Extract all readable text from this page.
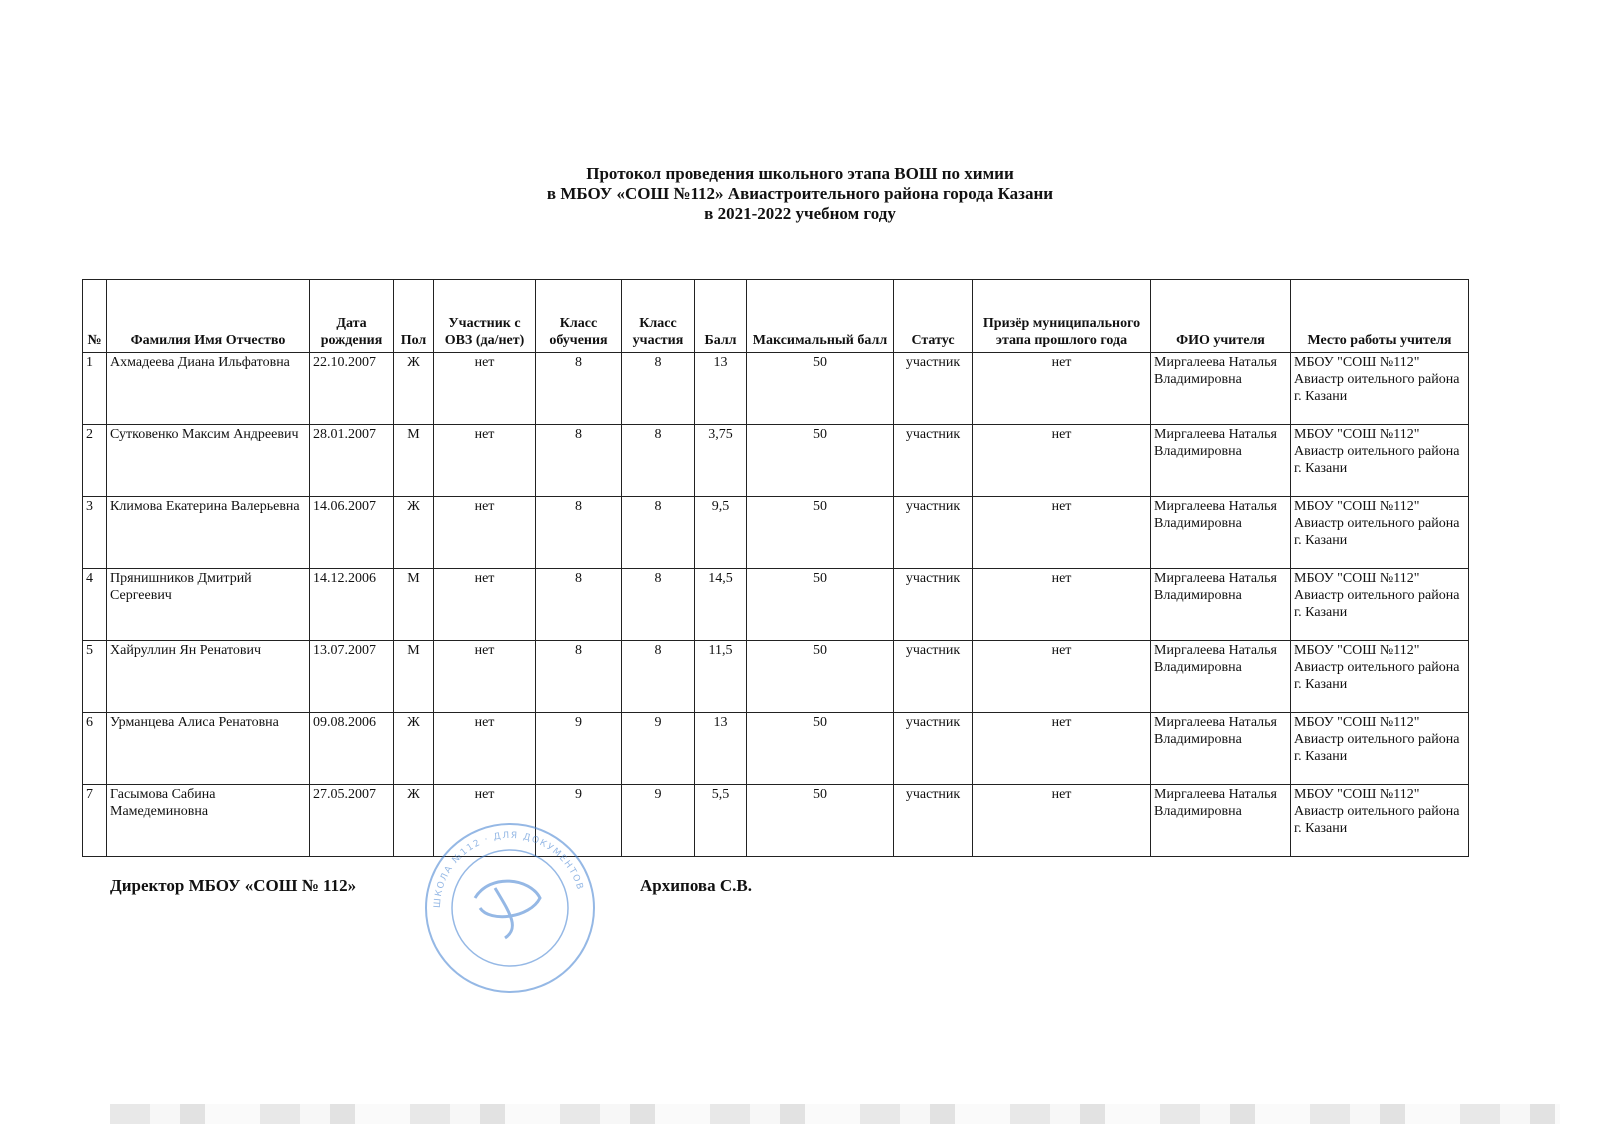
Протокол проведения школьного этапа ВОШ по химии
в МБОУ «СОШ №112» Авиастроительного района города Казани
в 2021-2022 учебном году
№	Фамилия Имя Отчество	Дата рождения	Пол	Участник с ОВЗ (да/нет)	Класс обучения	Класс участия	Балл	Максимальный балл	Статус	Призёр муниципального этапа прошлого года	ФИО учителя	Место работы учителя
1	Ахмадеева Диана Ильфатовна	22.10.2007	Ж	нет	8	8	13	50	участник	нет	Миргалеева Наталья Владимировна	МБОУ "СОШ №112" Авиастр оительного района г. Казани
2	Сутковенко Максим Андреевич	28.01.2007	М	нет	8	8	3,75	50	участник	нет	Миргалеева Наталья Владимировна	МБОУ "СОШ №112" Авиастр оительного района г. Казани
3	Климова Екатерина Валерьевна	14.06.2007	Ж	нет	8	8	9,5	50	участник	нет	Миргалеева Наталья Владимировна	МБОУ "СОШ №112" Авиастр оительного района г. Казани
4	Прянишников Дмитрий Сергеевич	14.12.2006	М	нет	8	8	14,5	50	участник	нет	Миргалеева Наталья Владимировна	МБОУ "СОШ №112" Авиастр оительного района г. Казани
5	Хайруллин Ян Ренатович	13.07.2007	М	нет	8	8	11,5	50	участник	нет	Миргалеева Наталья Владимировна	МБОУ "СОШ №112" Авиастр оительного района г. Казани
6	Урманцева Алиса Ренатовна	09.08.2006	Ж	нет	9	9	13	50	участник	нет	Миргалеева Наталья Владимировна	МБОУ "СОШ №112" Авиастр оительного района г. Казани
7	Гасымова Сабина Мамедеминовна	27.05.2007	Ж	нет	9	9	5,5	50	участник	нет	Миргалеева Наталья Владимировна	МБОУ "СОШ №112" Авиастр оительного района г. Казани
Директор МБОУ «СОШ № 112»	Архипова С.В.
ШКОЛА №112 · ДЛЯ ДОКУМЕНТОВ
